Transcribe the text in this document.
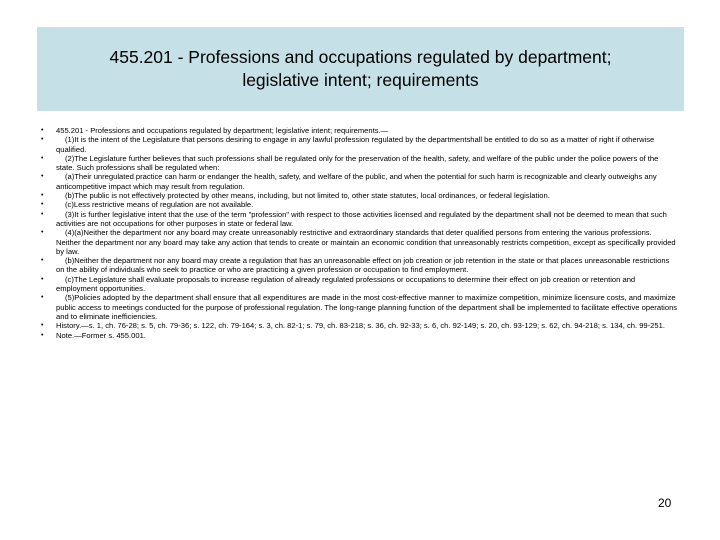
455.201 - Professions and occupations regulated by department;
legislative intent; requirements
• 455.201 - Professions and occupations regulated by department; legislative intent; requirements.—
• (1)It is the intent of the Legislature that persons desiring to engage in any lawful profession regulated by the departmentshall be entitled to do so as a matter of right if otherwise qualified.
• (2)The Legislature further believes that such professions shall be regulated only for the preservation of the health, safety, and welfare of the public under the police powers of the state. Such professions shall be regulated when:
• (a)Their unregulated practice can harm or endanger the health, safety, and welfare of the public, and when the potential for such harm is recognizable and clearly outweighs any anticompetitive impact which may result from regulation.
• (b)The public is not effectively protected by other means, including, but not limited to, other state statutes, local ordinances, or federal legislation.
• (c)Less restrictive means of regulation are not available.
• (3)It is further legislative intent that the use of the term "profession" with respect to those activities licensed and regulated by the department shall not be deemed to mean that such activities are not occupations for other purposes in state or federal law.
• (4)(a)Neither the department nor any board may create unreasonably restrictive and extraordinary standards that deter qualified persons from entering the various professions. Neither the department nor any board may take any action that tends to create or maintain an economic condition that unreasonably restricts competition, except as specifically provided by law.
• (b)Neither the department nor any board may create a regulation that has an unreasonable effect on job creation or job retention in the state or that places unreasonable restrictions on the ability of individuals who seek to practice or who are practicing a given profession or occupation to find employment.
• (c)The Legislature shall evaluate proposals to increase regulation of already regulated professions or occupations to determine their effect on job creation or retention and employment opportunities.
• (5)Policies adopted by the department shall ensure that all expenditures are made in the most cost-effective manner to maximize competition, minimize licensure costs, and maximize public access to meetings conducted for the purpose of professional regulation. The long-range planning function of the department shall be implemented to facilitate effective operations and to eliminate inefficiencies.
• History.—s. 1, ch. 76-28; s. 5, ch. 79-36; s. 122, ch. 79-164; s. 3, ch. 82-1; s. 79, ch. 83-218; s. 36, ch. 92-33; s. 6, ch. 92-149; s. 20, ch. 93-129; s. 62, ch. 94-218; s. 134, ch. 99-251.
• Note.—Former s. 455.001.
20
